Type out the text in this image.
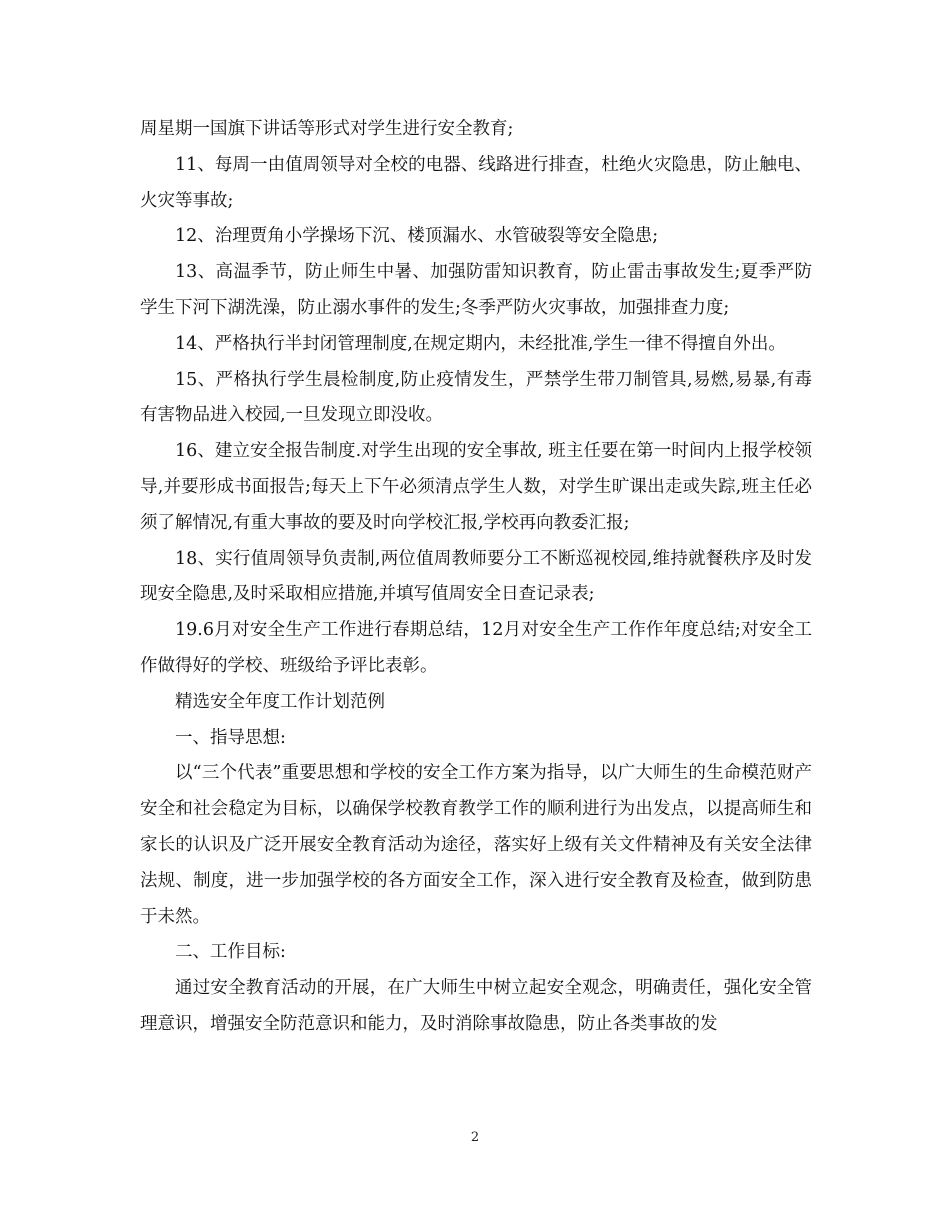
周星期一国旗下讲话等形式对学生进行安全教育;

11、每周一由值周领导对全校的电器、线路进行排查，杜绝火灾隐患，防止触电、火灾等事故;

12、治理贾角小学操场下沉、楼顶漏水、水管破裂等安全隐患;

13、高温季节，防止师生中暑、加强防雷知识教育，防止雷击事故发生;夏季严防学生下河下湖洗澡，防止溺水事件的发生;冬季严防火灾事故，加强排查力度;

14、严格执行半封闭管理制度,在规定期内，未经批准,学生一律不得擅自外出。

15、严格执行学生晨检制度,防止疫情发生，严禁学生带刀制管具,易燃,易暴,有毒有害物品进入校园,一旦发现立即没收。

16、建立安全报告制度.对学生出现的安全事故, 班主任要在第一时间内上报学校领导,并要形成书面报告;每天上下午必须清点学生人数，对学生旷课出走或失踪,班主任必须了解情况,有重大事故的要及时向学校汇报,学校再向教委汇报;

18、实行值周领导负责制,两位值周教师要分工不断巡视校园,维持就餐秩序及时发现安全隐患,及时采取相应措施,并填写值周安全日查记录表;

19.6月对安全生产工作进行春期总结，12月对安全生产工作作年度总结;对安全工作做得好的学校、班级给予评比表彰。

精选安全年度工作计划范例

一、指导思想:

以“三个代表”重要思想和学校的安全工作方案为指导，以广大师生的生命模范财产安全和社会稳定为目标，以确保学校教育教学工作的顺利进行为出发点，以提高师生和家长的认识及广泛开展安全教育活动为途径，落实好上级有关文件精神及有关安全法律法规、制度，进一步加强学校的各方面安全工作，深入进行安全教育及检查，做到防患于未然。

二、工作目标:

通过安全教育活动的开展，在广大师生中树立起安全观念，明确责任，强化安全管理意识，增强安全防范意识和能力，及时消除事故隐患，防止各类事故的发

2
